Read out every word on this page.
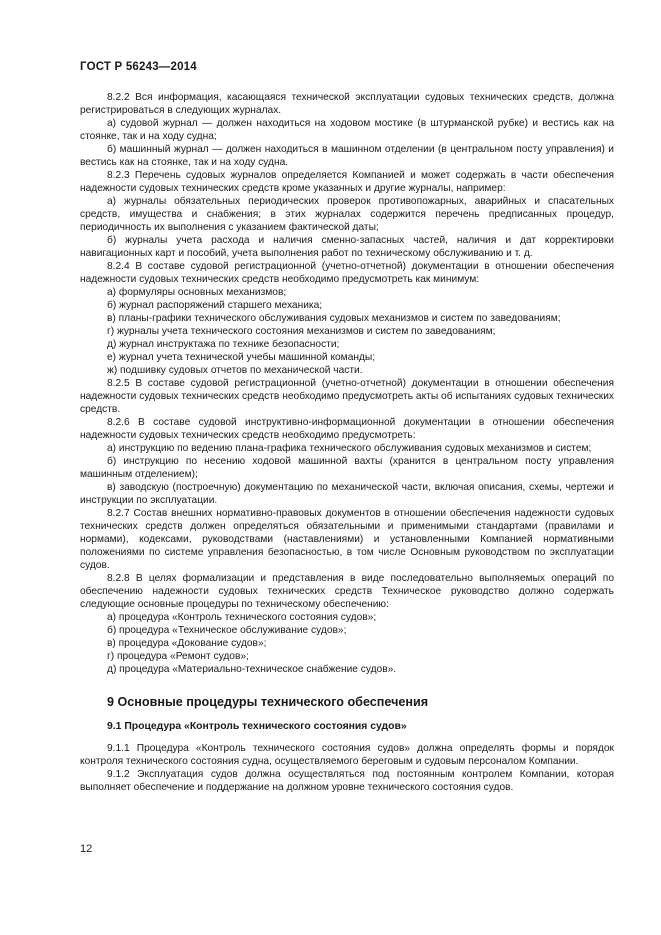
ГОСТ Р 56243—2014

8.2.2 Вся информация, касающаяся технической эксплуатации судовых технических средств, должна регистрироваться в следующих журналах.

а) судовой журнал — должен находиться на ходовом мостике (в штурманской рубке) и вестись как на стоянке, так и на ходу судна;

б) машинный журнал — должен находиться в машинном отделении (в центральном посту управления) и вестись как на стоянке, так и на ходу судна.

8.2.3 Перечень судовых журналов определяется Компанией и может содержать в части обеспечения надежности судовых технических средств кроме указанных и другие журналы, например:

а) журналы обязательных периодических проверок противопожарных, аварийных и спасательных средств, имущества и снабжения; в этих журналах содержится перечень предписанных процедур, периодичность их выполнения с указанием фактической даты;

б) журналы учета расхода и наличия сменно-запасных частей, наличия и дат корректировки навигационных карт и пособий, учета выполнения работ по техническому обслуживанию и т. д.

8.2.4 В составе судовой регистрационной (учетно-отчетной) документации в отношении обеспечения надежности судовых технических средств необходимо предусмотреть как минимум:

а) формуляры основных механизмов;

б) журнал распоряжений старшего механика;

в) планы-графики технического обслуживания судовых механизмов и систем по заведованиям;

г) журналы учета технического состояния механизмов и систем по заведованиям;

д) журнал инструктажа по технике безопасности;

е) журнал учета технической учебы машинной команды;

ж) подшивку судовых отчетов по механической части.

8.2.5 В составе судовой регистрационной (учетно-отчетной) документации в отношении обеспечения надежности судовых технических средств необходимо предусмотреть акты об испытаниях судовых технических средств.

8.2.6 В составе судовой инструктивно-информационной документации в отношении обеспечения надежности судовых технических средств необходимо предусмотреть:

а) инструкцию по ведению плана-графика технического обслуживания судовых механизмов и систем;

б) инструкцию по несению ходовой машинной вахты (хранится в центральном посту управления машинным отделением);

в) заводскую (построечную) документацию по механической части, включая описания, схемы, чертежи и инструкции по эксплуатации.

8.2.7 Состав внешних нормативно-правовых документов в отношении обеспечения надежности судовых технических средств должен определяться обязательными и применимыми стандартами (правилами и нормами), кодексами, руководствами (наставлениями) и установленными Компанией нормативными положениями по системе управления безопасностью, в том числе Основным руководством по эксплуатации судов.

8.2.8 В целях формализации и представления в виде последовательно выполняемых операций по обеспечению надежности судовых технических средств Техническое руководство должно содержать следующие основные процедуры по техническому обеспечению:

а) процедура «Контроль технического состояния судов»;

б) процедура «Техническое обслуживание судов»;

в) процедура «Докование судов»;

г) процедура «Ремонт судов»;

д) процедура «Материально-техническое снабжение судов».

9 Основные процедуры технического обеспечения
9.1 Процедура «Контроль технического состояния судов»

9.1.1 Процедура «Контроль технического состояния судов» должна определять формы и порядок контроля технического состояния судна, осуществляемого береговым и судовым персоналом Компании.

9.1.2 Эксплуатация судов должна осуществляться под постоянным контролем Компании, которая выполняет обеспечение и поддержание на должном уровне технического состояния судов.

12
